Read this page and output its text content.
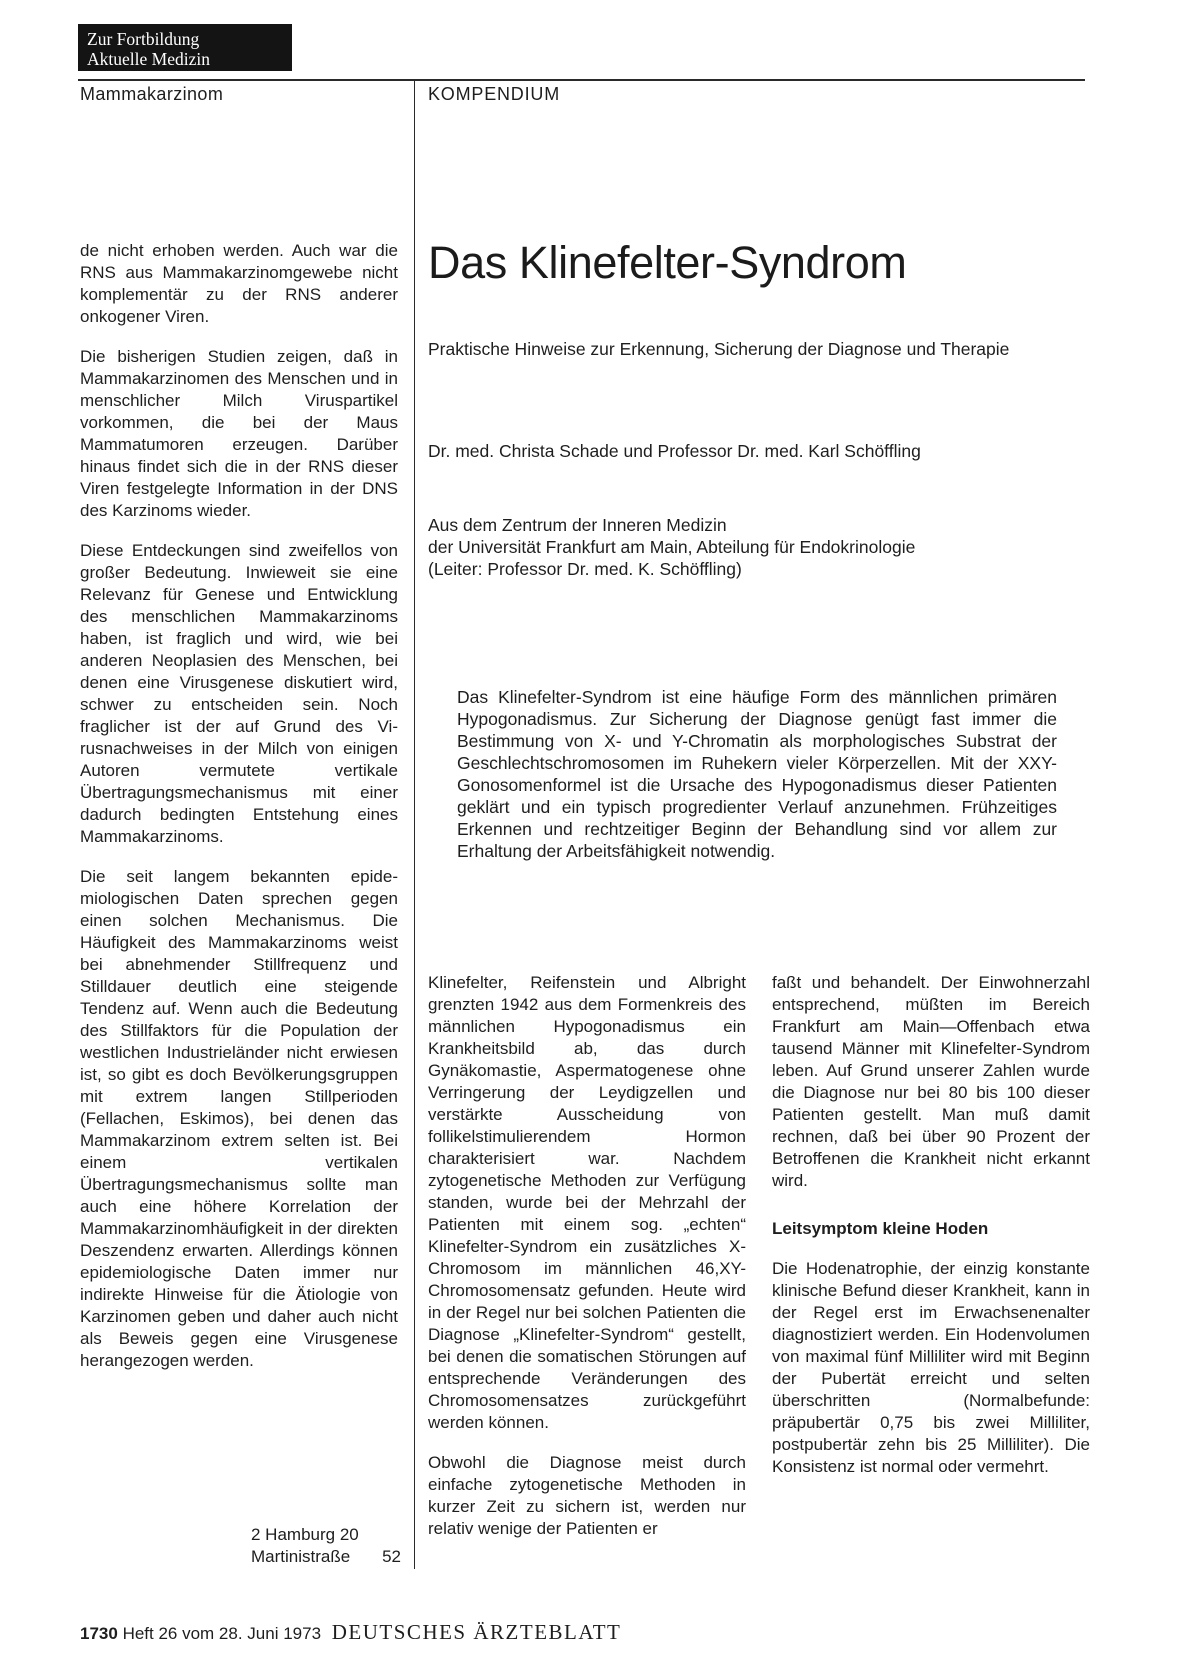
Zur Fortbildung
Aktuelle Medizin
Mammakarzinom	KOMPENDIUM

de nicht erhoben werden. Auch war die RNS aus Mammakarzinomgewebe nicht komplementär zu der RNS anderer onkogener Viren.

Die bisherigen Studien zeigen, daß in Mammakarzinomen des Menschen und in menschlicher Milch Viruspartikel vorkommen, die bei der Maus Mammatumoren erzeugen. Darüber hinaus findet sich die in der RNS dieser Viren festgelegte Information in der DNS des Karzinoms wieder.

Diese Entdeckungen sind zweifellos von großer Bedeutung. Inwieweit sie eine Relevanz für Genese und Entwicklung des menschlichen Mammakarzinoms haben, ist fraglich und wird, wie bei anderen Neoplasien des Menschen, bei denen eine Virusgenese diskutiert wird, schwer zu entscheiden sein. Noch fraglicher ist der auf Grund des Virusnachweises in der Milch von einigen Autoren vermutete vertikale Übertragungsmechanismus mit einer dadurch bedingten Entstehung eines Mammakarzinoms.

Die seit langem bekannten epidemiologischen Daten sprechen gegen einen solchen Mechanismus. Die Häufigkeit des Mammakarzinoms weist bei abnehmender Stillfrequenz und Stilldauer deutlich eine steigende Tendenz auf. Wenn auch die Bedeutung des Stillfaktors für die Population der westlichen Industrieländer nicht erwiesen ist, so gibt es doch Bevölkerungsgruppen mit extrem langen Stillperioden (Fellachen, Eskimos), bei denen das Mammakarzinom extrem selten ist. Bei einem vertikalen Übertragungsmechanismus sollte man auch eine höhere Korrelation der Mammakarzinomhäufigkeit in der direkten Deszendenz erwarten. Allerdings können epidemiologische Daten immer nur indirekte Hinweise für die Ätiologie von Karzinomen geben und daher auch nicht als Beweis gegen eine Virusgenese herangezogen werden.

2 Hamburg 20
Martinistraße 52
Das Klinefelter-Syndrom
Praktische Hinweise zur Erkennung, Sicherung der Diagnose und Therapie
Dr. med. Christa Schade und Professor Dr. med. Karl Schöffling
Aus dem Zentrum der Inneren Medizin
der Universität Frankfurt am Main, Abteilung für Endokrinologie
(Leiter: Professor Dr. med. K. Schöffling)
Das Klinefelter-Syndrom ist eine häufige Form des männlichen primären Hypogonadismus. Zur Sicherung der Diagnose genügt fast immer die Bestimmung von X- und Y-Chromatin als morphologisches Substrat der Geschlechtschromosomen im Ruhekern vieler Körperzellen. Mit der XXY-Gonosomenformel ist die Ursache des Hypogonadismus dieser Patienten geklärt und ein typisch progredienter Verlauf anzunehmen. Frühzeitiges Erkennen und rechtzeitiger Beginn der Behandlung sind vor allem zur Erhaltung der Arbeitsfähigkeit notwendig.

Klinefelter, Reifenstein und Albright grenzten 1942 aus dem Formenkreis des männlichen Hypogonadismus ein Krankheitsbild ab, das durch Gynäkomastie, Aspermatogenese ohne Verringerung der Leydigzellen und verstärkte Ausscheidung von follikelstimulierendem Hormon charakterisiert war. Nachdem zytogenetische Methoden zur Verfügung standen, wurde bei der Mehrzahl der Patienten mit einem sog. „echten“ Klinefelter-Syndrom ein zusätzliches X-Chromosom im männlichen 46,XY-Chromosomensatz gefunden. Heute wird in der Regel nur bei solchen Patienten die Diagnose „Klinefelter-Syndrom“ gestellt, bei denen die somatischen Störungen auf entsprechende Veränderungen des Chromosomensatzes zurückgeführt werden können.

Obwohl die Diagnose meist durch einfache zytogenetische Methoden in kurzer Zeit zu sichern ist, werden nur relativ wenige der Patienten er

faßt und behandelt. Der Einwohnerzahl entsprechend, müßten im Bereich Frankfurt am Main—Offenbach etwa tausend Männer mit Klinefelter-Syndrom leben. Auf Grund unserer Zahlen wurde die Diagnose nur bei 80 bis 100 dieser Patienten gestellt. Man muß damit rechnen, daß bei über 90 Prozent der Betroffenen die Krankheit nicht erkannt wird.

Leitsymptom kleine Hoden

Die Hodenatrophie, der einzig konstante klinische Befund dieser Krankheit, kann in der Regel erst im Erwachsenenalter diagnostiziert werden. Ein Hodenvolumen von maximal fünf Milliliter wird mit Beginn der Pubertät erreicht und selten überschritten (Normalbefunde: präpubertär 0,75 bis zwei Milliliter, postpubertär zehn bis 25 Milliliter). Die Konsistenz ist normal oder vermehrt.

1730 Heft 26 vom 28. Juni 1973 DEUTSCHES ÄRZTEBLATT
